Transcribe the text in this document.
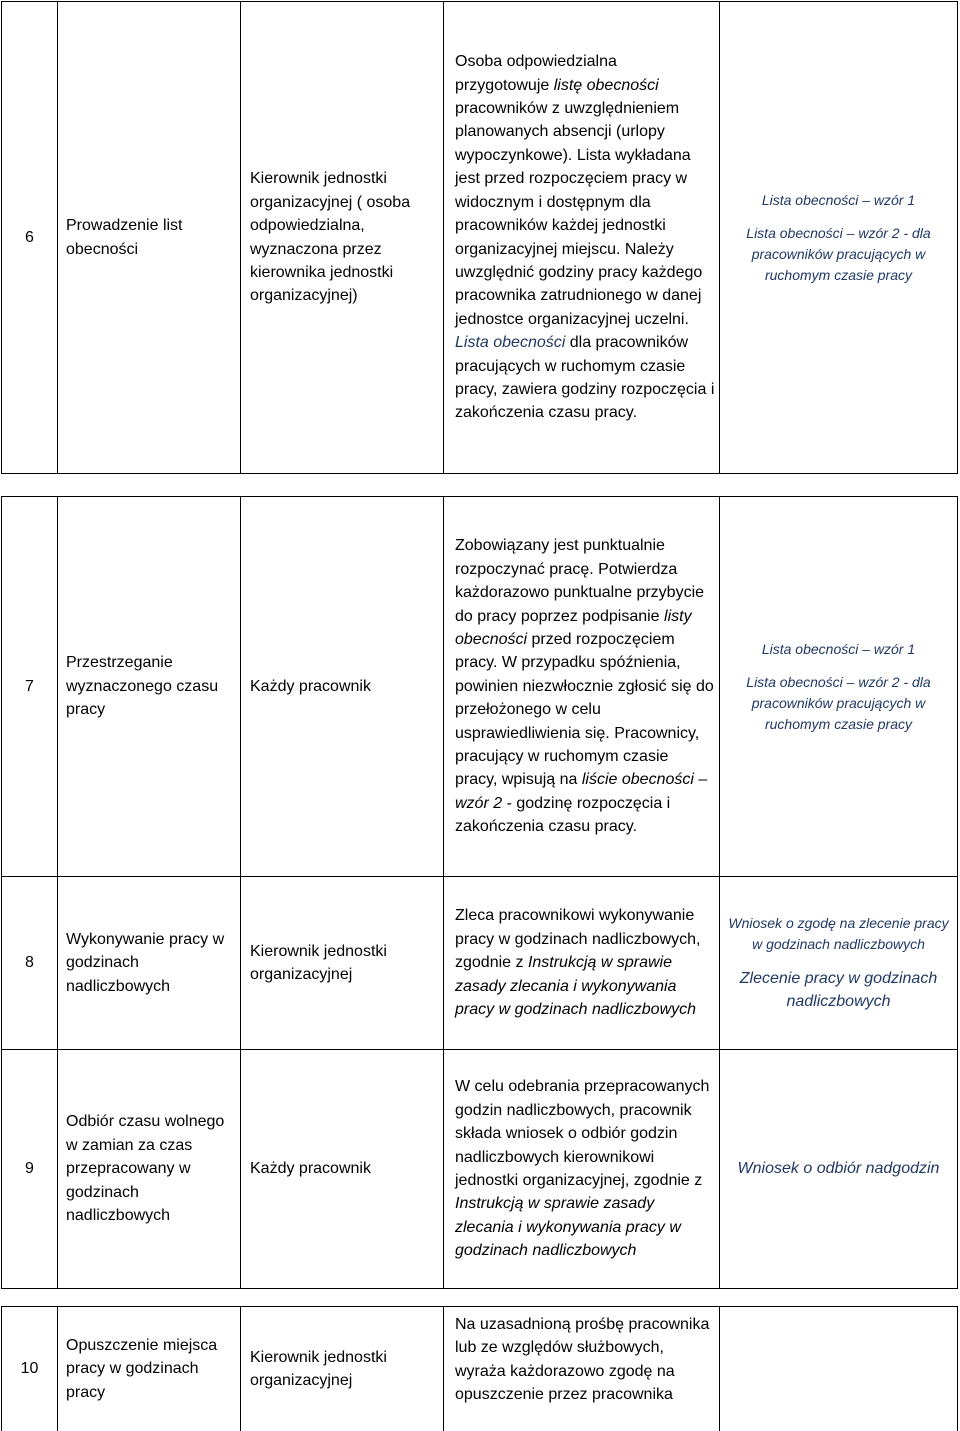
6
Prowadzenie list obecności
Kierownik jednostki organizacyjnej ( osoba odpowiedzialna, wyznaczona przez kierownika jednostki organizacyjnej)
Osoba odpowiedzialna przygotowuje listę obecności pracowników z uwzględnieniem planowanych absencji (urlopy wypoczynkowe). Lista wykładana jest przed rozpoczęciem pracy w widocznym i dostępnym dla pracowników każdej jednostki organizacyjnej miejscu. Należy uwzględnić godziny pracy każdego pracownika zatrudnionego w danej jednostce organizacyjnej uczelni.
Lista obecności dla pracowników pracujących w ruchomym czasie pracy, zawiera godziny rozpoczęcia i zakończenia czasu pracy.
Lista obecności – wzór 1
Lista obecności – wzór 2 - dla pracowników pracujących w ruchomym czasie pracy
7
Przestrzeganie wyznaczonego czasu pracy
Każdy pracownik
Zobowiązany jest punktualnie rozpoczynać pracę. Potwierdza każdorazowo punktualne przybycie do pracy poprzez podpisanie listy obecności przed rozpoczęciem pracy. W przypadku spóźnienia, powinien niezwłocznie zgłosić się do przełożonego w celu usprawiedliwienia się. Pracownicy, pracujący w ruchomym czasie pracy, wpisują na liście obecności – wzór 2 - godzinę rozpoczęcia i zakończenia czasu pracy.
Lista obecności – wzór 1
Lista obecności – wzór 2 - dla pracowników pracujących w ruchomym czasie pracy
8
Wykonywanie pracy w godzinach nadliczbowych
Kierownik jednostki organizacyjnej
Zleca pracownikowi wykonywanie pracy w godzinach nadliczbowych, zgodnie z Instrukcją w sprawie zasady zlecania i wykonywania pracy w godzinach nadliczbowych
Wniosek o zgodę na zlecenie pracy w godzinach nadliczbowych
Zlecenie pracy w godzinach nadliczbowych
9
Odbiór czasu wolnego w zamian za czas przepracowany w godzinach nadliczbowych
Każdy pracownik
W celu odebrania przepracowanych godzin nadliczbowych, pracownik składa wniosek o odbiór godzin nadliczbowych kierownikowi jednostki organizacyjnej, zgodnie z Instrukcją w sprawie zasady zlecania i wykonywania pracy w godzinach nadliczbowych
Wniosek o odbiór nadgodzin
10
Opuszczenie miejsca pracy w godzinach pracy
Kierownik jednostki organizacyjnej
Na uzasadnioną prośbę pracownika lub ze względów służbowych, wyraża każdorazowo zgodę na opuszczenie przez pracownika
